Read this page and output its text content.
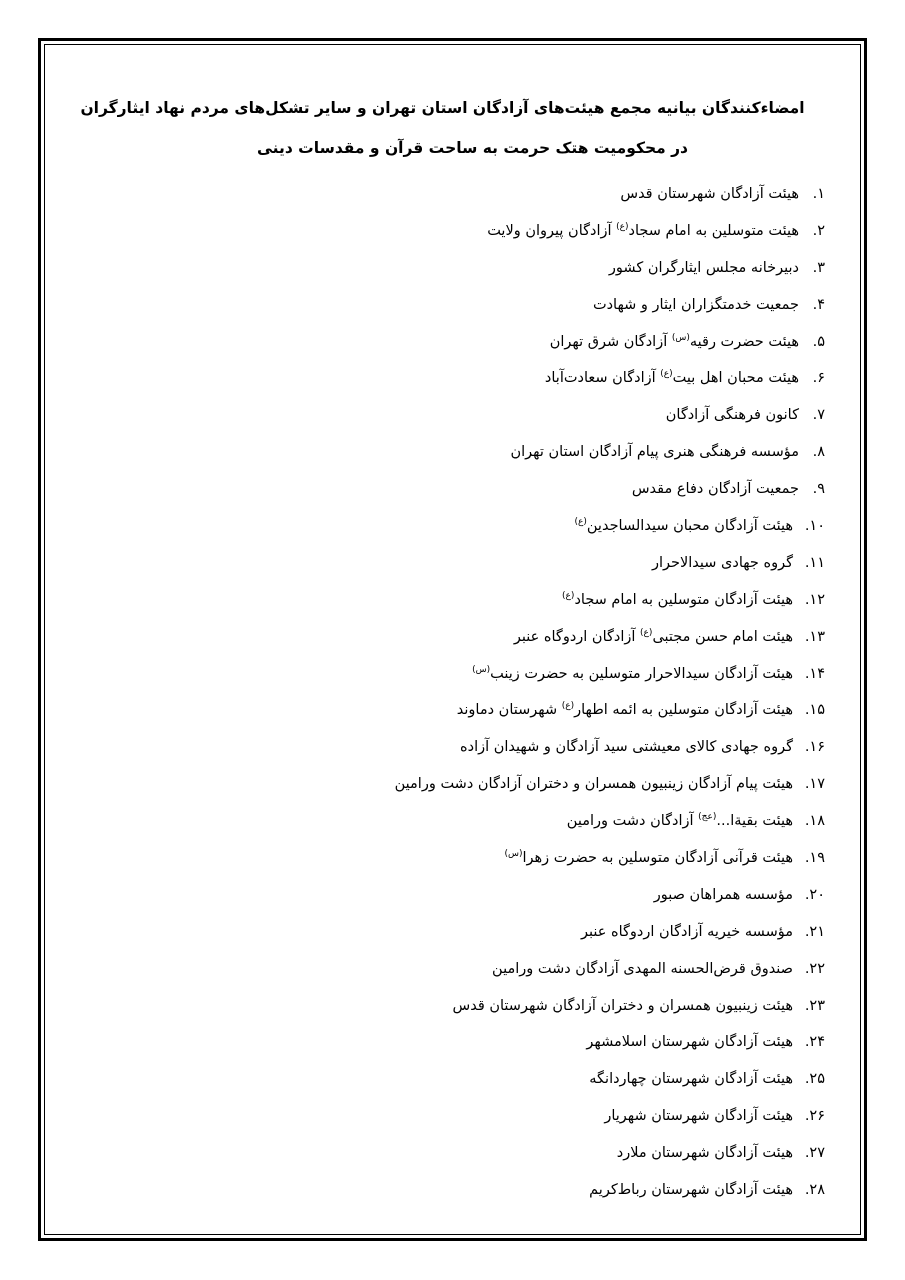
امضاءکنندگان بیانیه مجمع هیئت‌های آزادگان استان تهران و سایر تشکل‌های مردم نهاد ایثارگران
در محکومیت هتک حرمت به ساحت قرآن و مقدسات دینی
۱.هیئت آزادگان شهرستان قدس
۲.هیئت متوسلین به امام سجاد$^{(ع)}$ آزادگان پیروان ولایت
۳.دبیرخانه مجلس ایثارگران کشور
۴.جمعیت خدمتگزاران ایثار و شهادت
۵.هیئت حضرت رقیه$^{(س)}$ آزادگان شرق تهران
۶.هیئت محبان اهل بیت$^{(ع)}$ آزادگان سعادت‌آباد
۷.کانون فرهنگی آزادگان
۸.مؤسسه فرهنگی هنری پیام آزادگان استان تهران
۹.جمعیت آزادگان دفاع مقدس
۱۰.هیئت آزادگان محبان سیدالساجدین$^{(ع)}$
۱۱.گروه جهادی سیدالاحرار
۱۲.هیئت آزادگان متوسلین به امام سجاد$^{(ع)}$
۱۳.هیئت امام حسن مجتبی$^{(ع)}$ آزادگان اردوگاه عنبر
۱۴.هیئت آزادگان سیدالاحرار متوسلین به حضرت زینب$^{(س)}$
۱۵.هیئت آزادگان متوسلین به ائمه اطهار$^{(ع)}$ شهرستان دماوند
۱۶.گروه جهادی کالای معیشتی سید آزادگان و شهیدان آزاده
۱۷.هیئت پیام آزادگان زینبیون همسران و دختران آزادگان دشت ورامین
۱۸.هیئت بقیةا...$^{(عج)}$ آزادگان دشت ورامین
۱۹.هیئت قرآنی آزادگان متوسلین به حضرت زهرا$^{(س)}$
۲۰.مؤسسه همراهان صبور
۲۱.مؤسسه خیریه آزادگان اردوگاه عنبر
۲۲.صندوق قرض‌الحسنه المهدی آزادگان دشت ورامین
۲۳.هیئت زینبیون همسران و دختران آزادگان شهرستان قدس
۲۴.هیئت آزادگان شهرستان اسلامشهر
۲۵.هیئت آزادگان شهرستان چهاردانگه
۲۶.هیئت آزادگان شهرستان شهریار
۲۷.هیئت آزادگان شهرستان ملارد
۲۸.هیئت آزادگان شهرستان رباط‌کریم
